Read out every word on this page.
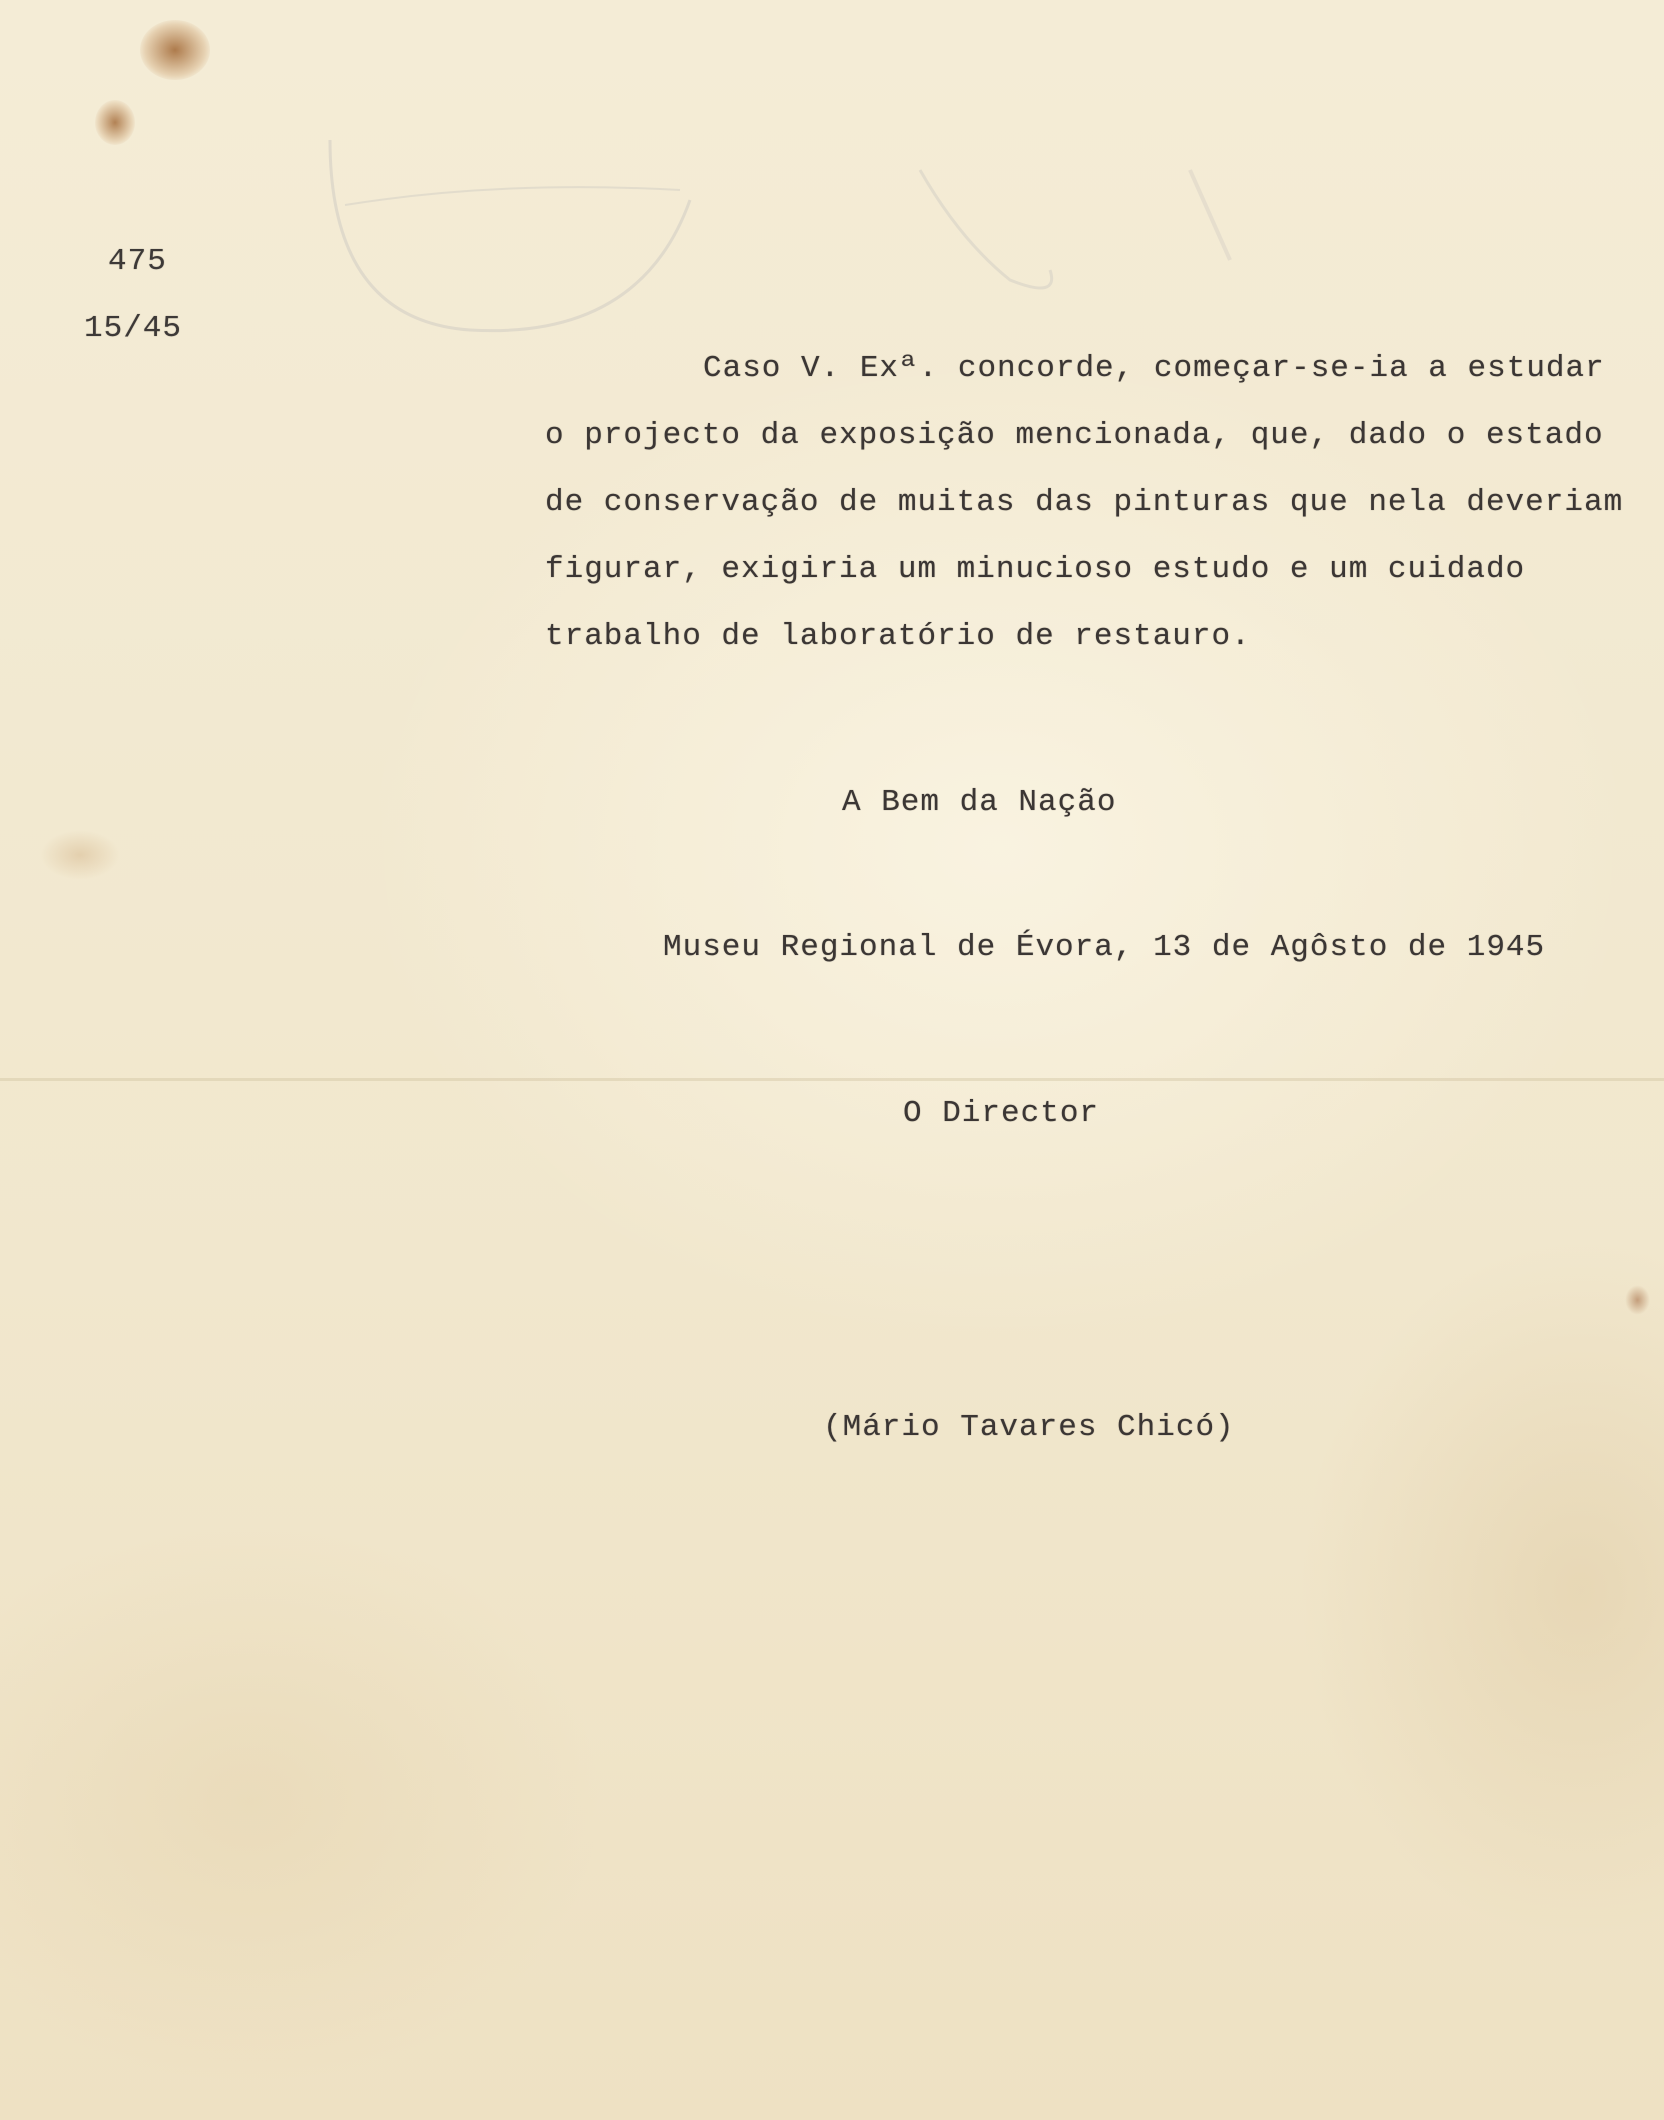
475
15/45
Caso V. Exª. concorde, começar-se-ia a estudar
o projecto da exposição mencionada, que, dado o estado
de conservação de muitas das pinturas que nela deveriam
figurar, exigiria um minucioso estudo e um cuidado
trabalho de laboratório de restauro.
A Bem da Nação
Museu Regional de Évora, 13 de Agôsto de 1945
O Director
(Mário Tavares Chicó)
